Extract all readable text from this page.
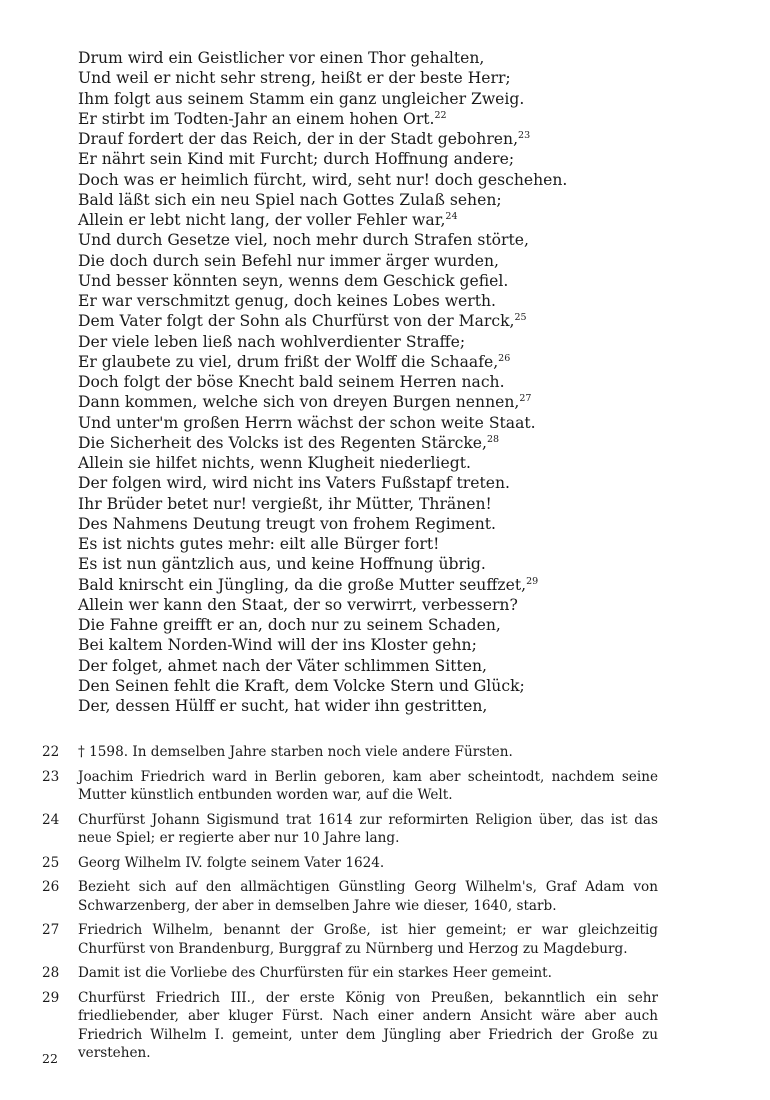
Drum wird ein Geistlicher vor einen Thor gehalten,
Und weil er nicht sehr streng, heißt er der beste Herr;
Ihm folgt aus seinem Stamm ein ganz ungleicher Zweig.
Er stirbt im Todten-Jahr an einem hohen Ort.$^{22}$
Drauf fordert der das Reich, der in der Stadt gebohren,$^{23}$
Er nährt sein Kind mit Furcht; durch Hoffnung andere;
Doch was er heimlich fürcht, wird, seht nur! doch geschehen.
Bald läßt sich ein neu Spiel nach Gottes Zulaß sehen;
Allein er lebt nicht lang, der voller Fehler war,$^{24}$
Und durch Gesetze viel, noch mehr durch Strafen störte,
Die doch durch sein Befehl nur immer ärger wurden,
Und besser könnten seyn, wenns dem Geschick gefiel.
Er war verschmitzt genug, doch keines Lobes werth.
Dem Vater folgt der Sohn als Churfürst von der Marck,$^{25}$
Der viele leben ließ nach wohlverdienter Straffe;
Er glaubete zu viel, drum frißt der Wolff die Schaafe,$^{26}$
Doch folgt der böse Knecht bald seinem Herren nach.
Dann kommen, welche sich von dreyen Burgen nennen,$^{27}$
Und unter'm großen Herrn wächst der schon weite Staat.
Die Sicherheit des Volcks ist des Regenten Stärcke,$^{28}$
Allein sie hilfet nichts, wenn Klugheit niederliegt.
Der folgen wird, wird nicht ins Vaters Fußstapf treten.
Ihr Brüder betet nur! vergießt, ihr Mütter, Thränen!
Des Nahmens Deutung treugt von frohem Regiment.
Es ist nichts gutes mehr: eilt alle Bürger fort!
Es ist nun gäntzlich aus, und keine Hoffnung übrig.
Bald knirscht ein Jüngling, da die große Mutter seuffzet,$^{29}$
Allein wer kann den Staat, der so verwirrt, verbessern?
Die Fahne greifft er an, doch nur zu seinem Schaden,
Bei kaltem Norden-Wind will der ins Kloster gehn;
Der folget, ahmet nach der Väter schlimmen Sitten,
Den Seinen fehlt die Kraft, dem Volcke Stern und Glück;
Der, dessen Hülff er sucht, hat wider ihn gestritten,
22	† 1598. In demselben Jahre starben noch viele andere Fürsten.
23	Joachim Friedrich ward in Berlin geboren, kam aber scheintodt, nachdem seine Mutter künstlich entbunden worden war, auf die Welt.
24	Churfürst Johann Sigismund trat 1614 zur reformirten Religion über, das ist das neue Spiel; er regierte aber nur 10 Jahre lang.
25	Georg Wilhelm IV. folgte seinem Vater 1624.
26	Bezieht sich auf den allmächtigen Günstling Georg Wilhelm's, Graf Adam von Schwarzenberg, der aber in demselben Jahre wie dieser, 1640, starb.
27	Friedrich Wilhelm, benannt der Große, ist hier gemeint; er war gleichzeitig Churfürst von Brandenburg, Burggraf zu Nürnberg und Herzog zu Magdeburg.
28	Damit ist die Vorliebe des Churfürsten für ein starkes Heer gemeint.
29	Churfürst Friedrich III., der erste König von Preußen, bekanntlich ein sehr friedliebender, aber kluger Fürst. Nach einer andern Ansicht wäre aber auch Friedrich Wilhelm I. gemeint, unter dem Jüngling aber Friedrich der Große zu verstehen.
22
